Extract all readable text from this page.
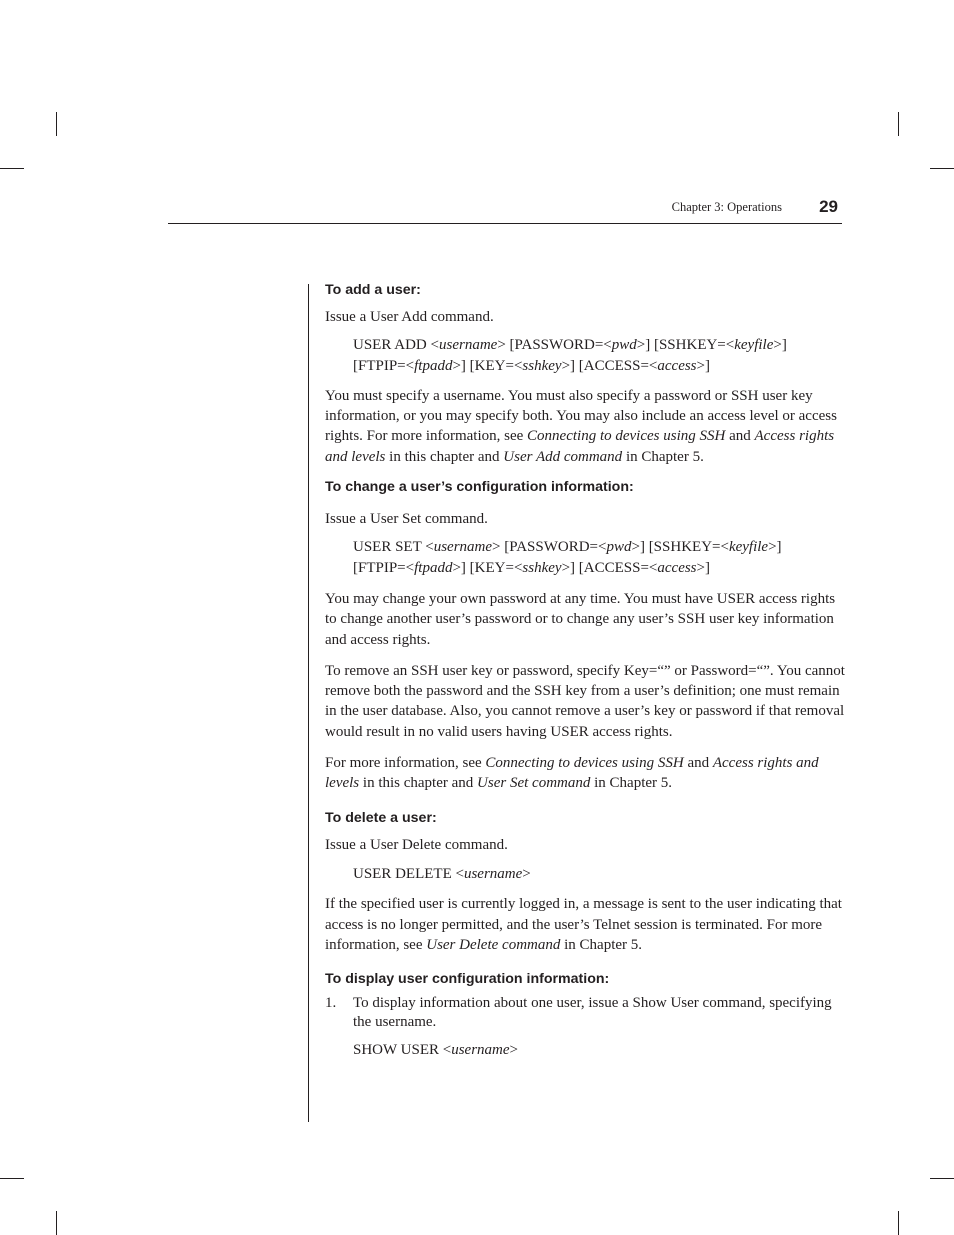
Chapter 3: Operations 29

To add a user:

Issue a User Add command.

USER ADD <username> [PASSWORD=<pwd>] [SSHKEY=<keyfile>]
[FTPIP=<ftpadd>] [KEY=<sshkey>] [ACCESS=<access>]

You must specify a username. You must also specify a password or SSH user key information, or you may specify both. You may also include an access level or access rights. For more information, see Connecting to devices using SSH and Access rights and levels in this chapter and User Add command in Chapter 5.

To change a user’s configuration information:

Issue a User Set command.

USER SET <username> [PASSWORD=<pwd>] [SSHKEY=<keyfile>]
[FTPIP=<ftpadd>] [KEY=<sshkey>] [ACCESS=<access>]

You may change your own password at any time. You must have USER access rights to change another user’s password or to change any user’s SSH user key information and access rights.

To remove an SSH user key or password, specify Key=“” or Password=“”. You cannot remove both the password and the SSH key from a user’s definition; one must remain in the user database. Also, you cannot remove a user’s key or password if that removal would result in no valid users having USER access rights.

For more information, see Connecting to devices using SSH and Access rights and levels in this chapter and User Set command in Chapter 5.

To delete a user:

Issue a User Delete command.

USER DELETE <username>

If the specified user is currently logged in, a message is sent to the user indicating that access is no longer permitted, and the user’s Telnet session is terminated. For more information, see User Delete command in Chapter 5.

To display user configuration information:

1. To display information about one user, issue a Show User command, specifying the username.

SHOW USER <username>
